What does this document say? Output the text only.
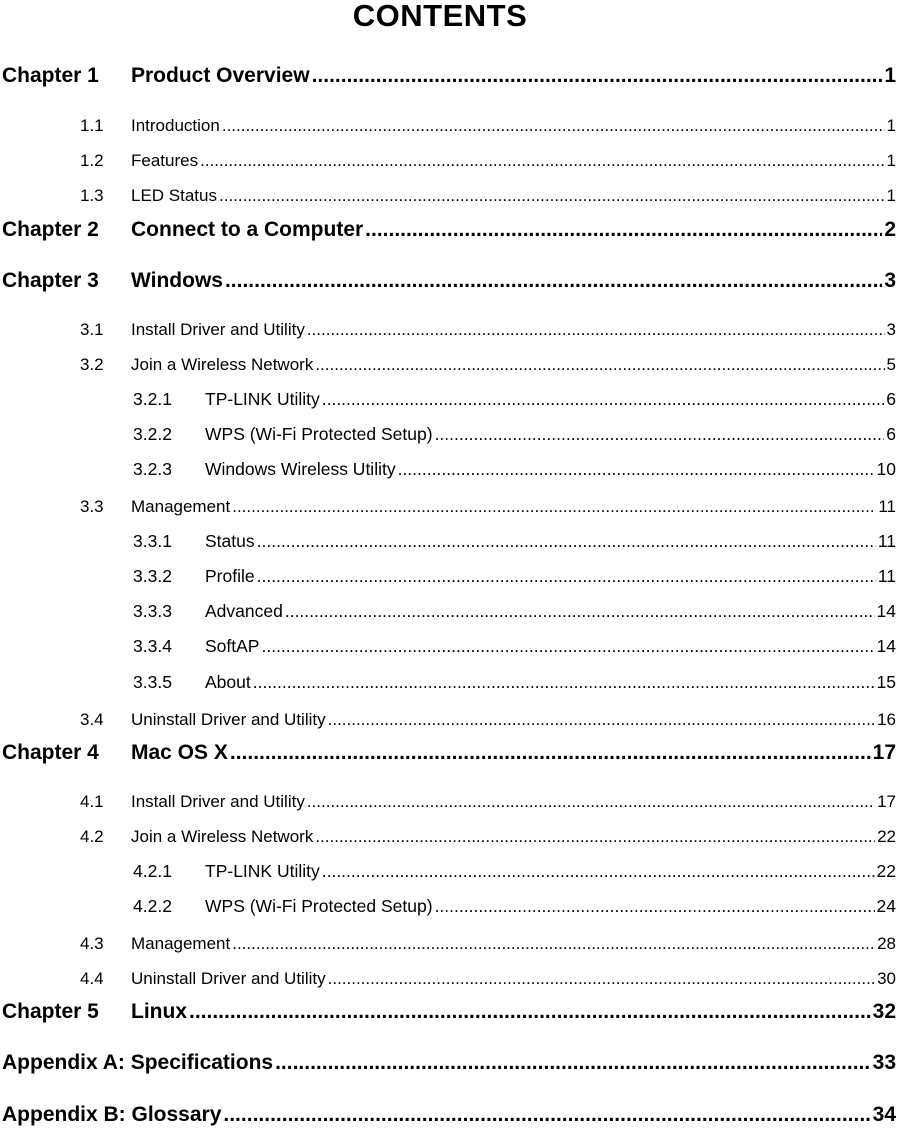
CONTENTS
Chapter 1	Product Overview .....	1
1.1	Introduction .....	1
1.2	Features .....	1
1.3	LED Status .....	1
Chapter 2	Connect to a Computer .....	2
Chapter 3	Windows .....	3
3.1	Install Driver and Utility .....	3
3.2	Join a Wireless Network .....	5
3.2.1	TP-LINK Utility .....	6
3.2.2	WPS (Wi-Fi Protected Setup) .....	6
3.2.3	Windows Wireless Utility .....	10
3.3	Management .....	11
3.3.1	Status .....	11
3.3.2	Profile .....	11
3.3.3	Advanced .....	14
3.3.4	SoftAP .....	14
3.3.5	About .....	15
3.4	Uninstall Driver and Utility .....	16
Chapter 4	Mac OS X .....	17
4.1	Install Driver and Utility .....	17
4.2	Join a Wireless Network .....	22
4.2.1	TP-LINK Utility .....	22
4.2.2	WPS (Wi-Fi Protected Setup) .....	24
4.3	Management .....	28
4.4	Uninstall Driver and Utility .....	30
Chapter 5	Linux .....	32
Appendix A: Specifications .....	33
Appendix B: Glossary .....	34
